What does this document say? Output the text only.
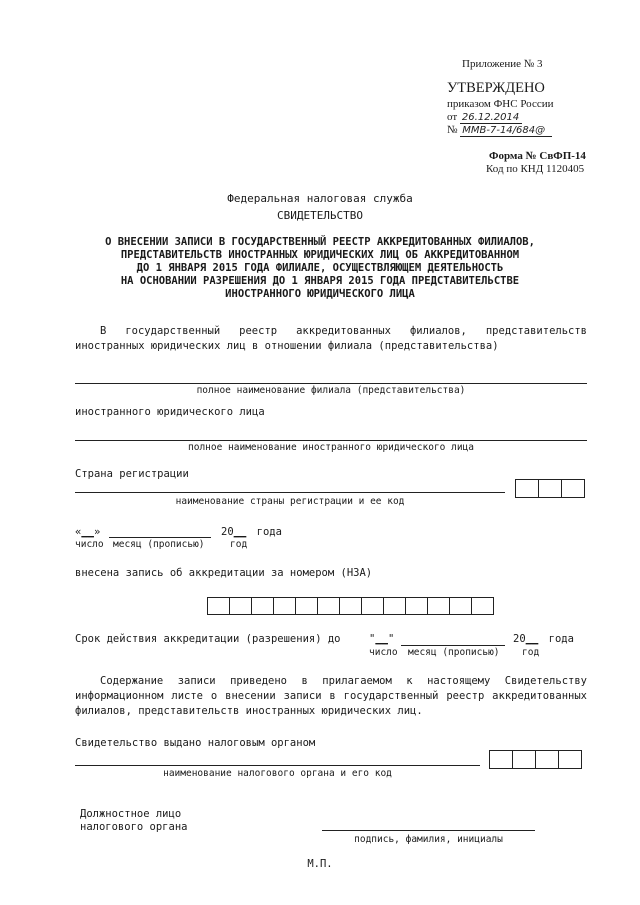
Приложение № 3
УТВЕРЖДЕНО
приказом ФНС России
от 26.12.2014
№ ММВ-7-14/684@
Форма № СвФП-14
Код по КНД 1120405
Федеральная налоговая служба
СВИДЕТЕЛЬСТВО
О ВНЕСЕНИИ ЗАПИСИ В ГОСУДАРСТВЕННЫЙ РЕЕСТР АККРЕДИТОВАННЫХ ФИЛИАЛОВ,
ПРЕДСТАВИТЕЛЬСТВ ИНОСТРАННЫХ ЮРИДИЧЕСКИХ ЛИЦ ОБ АККРЕДИТОВАННОМ
ДО 1 ЯНВАРЯ 2015 ГОДА ФИЛИАЛЕ, ОСУЩЕСТВЛЯЮЩЕМ ДЕЯТЕЛЬНОСТЬ
НА ОСНОВАНИИ РАЗРЕШЕНИЯ ДО 1 ЯНВАРЯ 2015 ГОДА ПРЕДСТАВИТЕЛЬСТВЕ
ИНОСТРАННОГО ЮРИДИЧЕСКОГО ЛИЦА
В государственный реестр аккредитованных филиалов, представительств иностранных юридических лиц в отношении филиала (представительства)
полное наименование филиала (представительства)
иностранного юридического лица
полное наименование иностранного юридического лица
Страна регистрации
наименование страны регистрации и ее код
«__»	20__ года
число месяц (прописью)	год
внесена запись об аккредитации за номером (НЗА)
Срок действия аккредитации (разрешения) до	"__"	20__ года
число месяц (прописью) год
Содержание записи приведено в прилагаемом к настоящему Свидетельству информационном листе о внесении записи в государственный реестр аккредитованных филиалов, представительств иностранных юридических лиц.
Свидетельство выдано налоговым органом
наименование налогового органа и его код
Должностное лицо
налогового органа
подпись, фамилия, инициалы
М.П.
